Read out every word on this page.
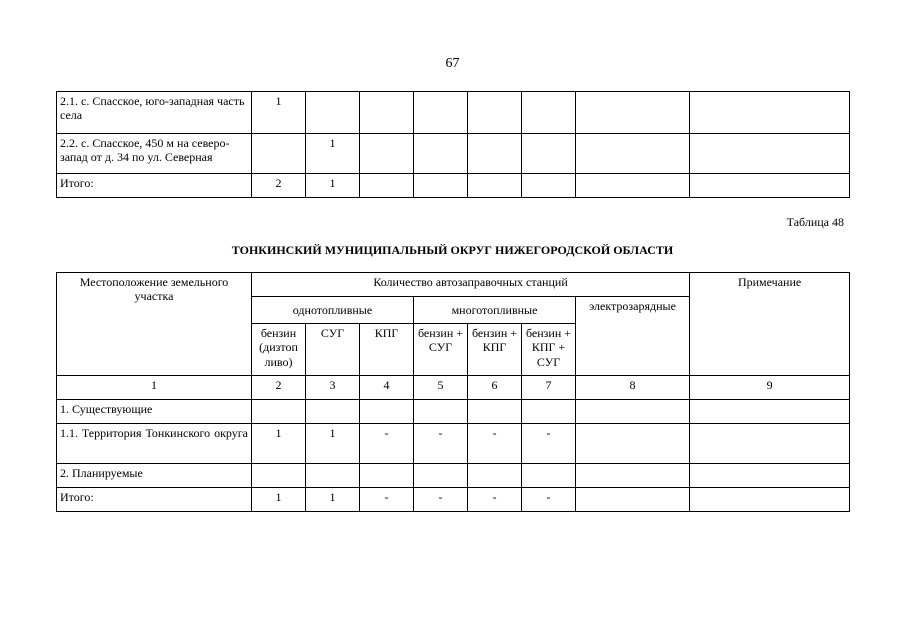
67
2.1. с. Спасское, юго-западная часть села	1							
2.2. с. Спасское, 450 м на северо-запад от д. 34 по ул. Северная		1						
Итого:	2	1						
Таблица 48
ТОНКИНСКИЙ МУНИЦИПАЛЬНЫЙ ОКРУГ НИЖЕГОРОДСКОЙ ОБЛАСТИ
Местоположение земельного участка	Количество автозаправочных станций							Примечание
	однотопливные			многотопливные			электрозарядные	
	бензин (дизтоп ливо)	СУГ	КПГ	бензин + СУГ	бензин + КПГ	бензин + КПГ + СУГ		
1	2	3	4	5	6	7	8	9
1. Существующие								
1.1. Территория Тонкинского округа	1	1	-	-	-	-		
2. Планируемые								
Итого:	1	1	-	-	-	-		
